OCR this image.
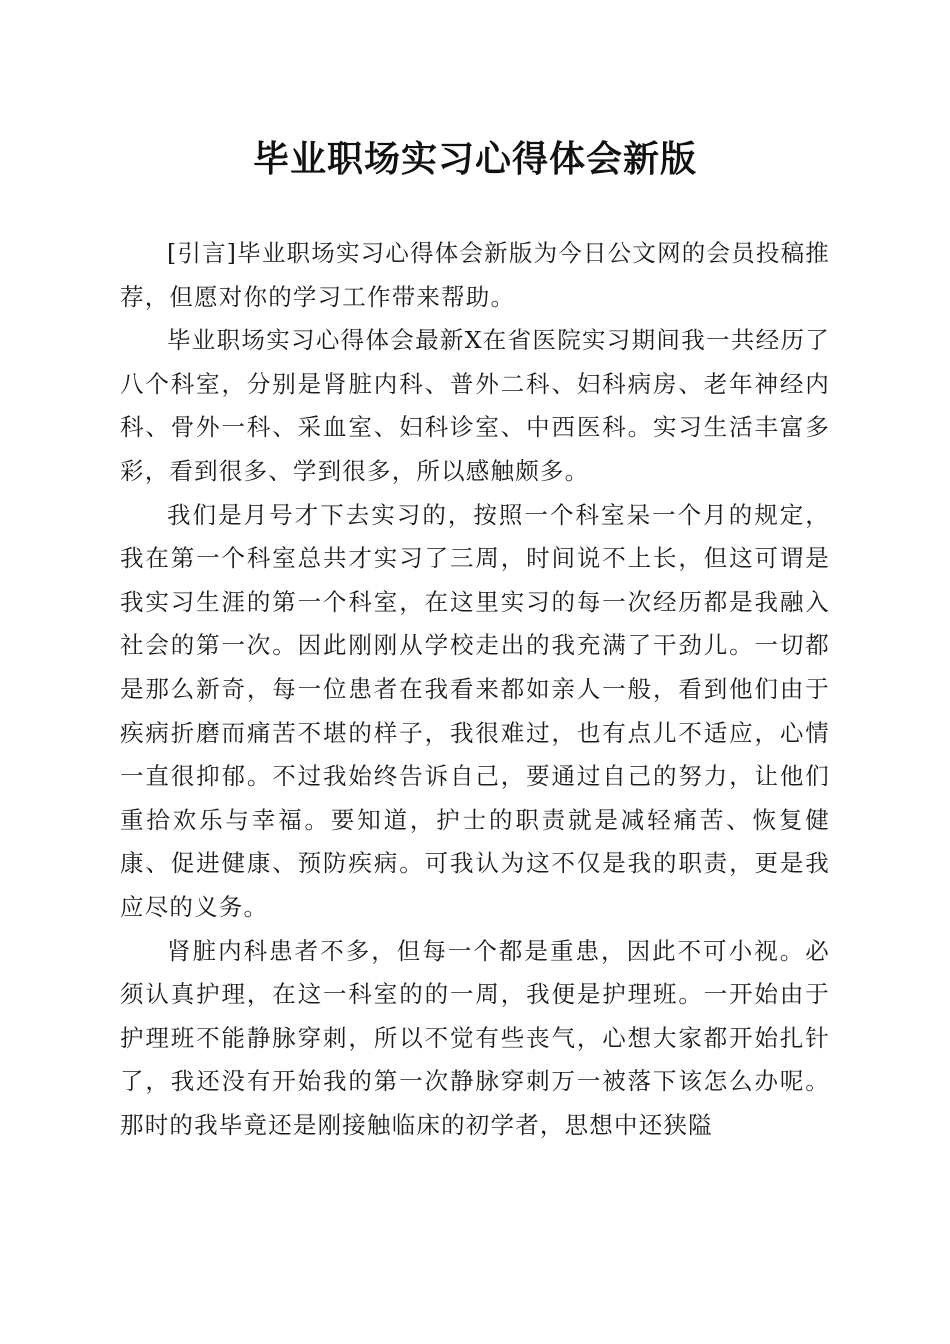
毕业职场实习心得体会新版

[引言]毕业职场实习心得体会新版为今日公文网的会员投稿推荐，但愿对你的学习工作带来帮助。

毕业职场实习心得体会最新X在省医院实习期间我一共经历了八个科室，分别是肾脏内科、普外二科、妇科病房、老年神经内科、骨外一科、采血室、妇科诊室、中西医科。实习生活丰富多彩，看到很多、学到很多，所以感触颇多。

我们是月号才下去实习的，按照一个科室呆一个月的规定，我在第一个科室总共才实习了三周，时间说不上长，但这可谓是我实习生涯的第一个科室，在这里实习的每一次经历都是我融入社会的第一次。因此刚刚从学校走出的我充满了干劲儿。一切都是那么新奇，每一位患者在我看来都如亲人一般，看到他们由于疾病折磨而痛苦不堪的样子，我很难过，也有点儿不适应，心情一直很抑郁。不过我始终告诉自己，要通过自己的努力，让他们重拾欢乐与幸福。要知道，护士的职责就是减轻痛苦、恢复健康、促进健康、预防疾病。可我认为这不仅是我的职责，更是我应尽的义务。

肾脏内科患者不多，但每一个都是重患，因此不可小视。必须认真护理，在这一科室的的一周，我便是护理班。一开始由于护理班不能静脉穿刺，所以不觉有些丧气，心想大家都开始扎针了，我还没有开始我的第一次静脉穿刺万一被落下该怎么办呢。那时的我毕竟还是刚接触临床的初学者，思想中还狭隘
